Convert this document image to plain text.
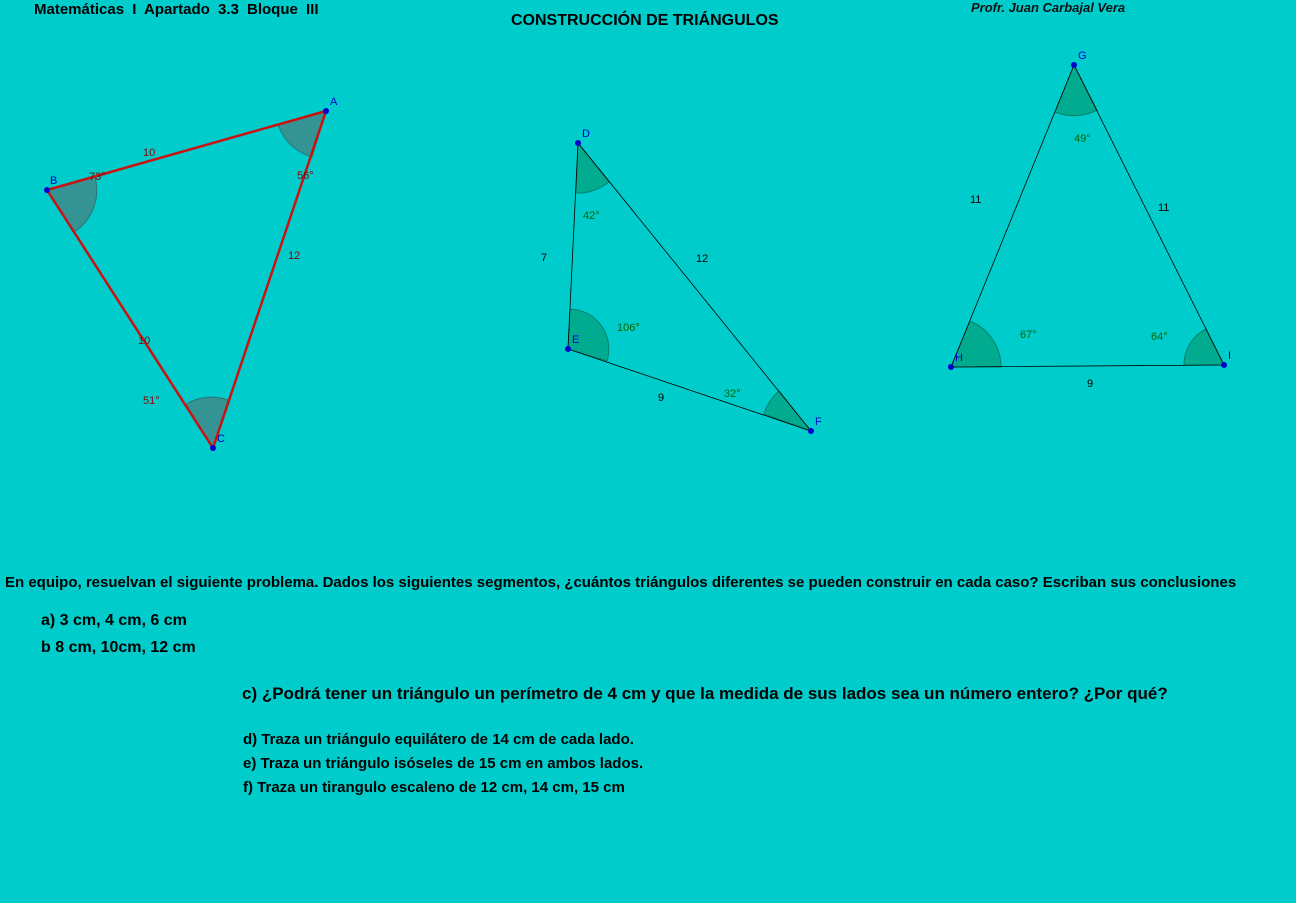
Matemáticas I Apartado 3.3 Bloque III
CONSTRUCCIÓN DE TRIÁNGULOS
Profr. Juan Carbajal Vera
A
B
C
10
12
10
56°
73°
51°
D
E
F
7	12
9
42°
106°
32°
G
H	I
11
11
9
49°
67°	64°
En equipo, resuelvan el siguiente problema. Dados los siguientes segmentos, ¿cuántos triángulos diferentes se pueden construir en cada caso? Escriban sus conclusiones
a) 3 cm, 4 cm, 6 cm
b 8 cm, 10cm, 12 cm
c) ¿Podrá tener un triángulo un perímetro de 4 cm y que la medida de sus lados sea un número entero? ¿Por qué?
d) Traza un triángulo equilátero de 14 cm de cada lado.
e) Traza un triángulo isóseles de 15 cm en ambos lados.
f) Traza un tirangulo escaleno de 12 cm, 14 cm, 15 cm
